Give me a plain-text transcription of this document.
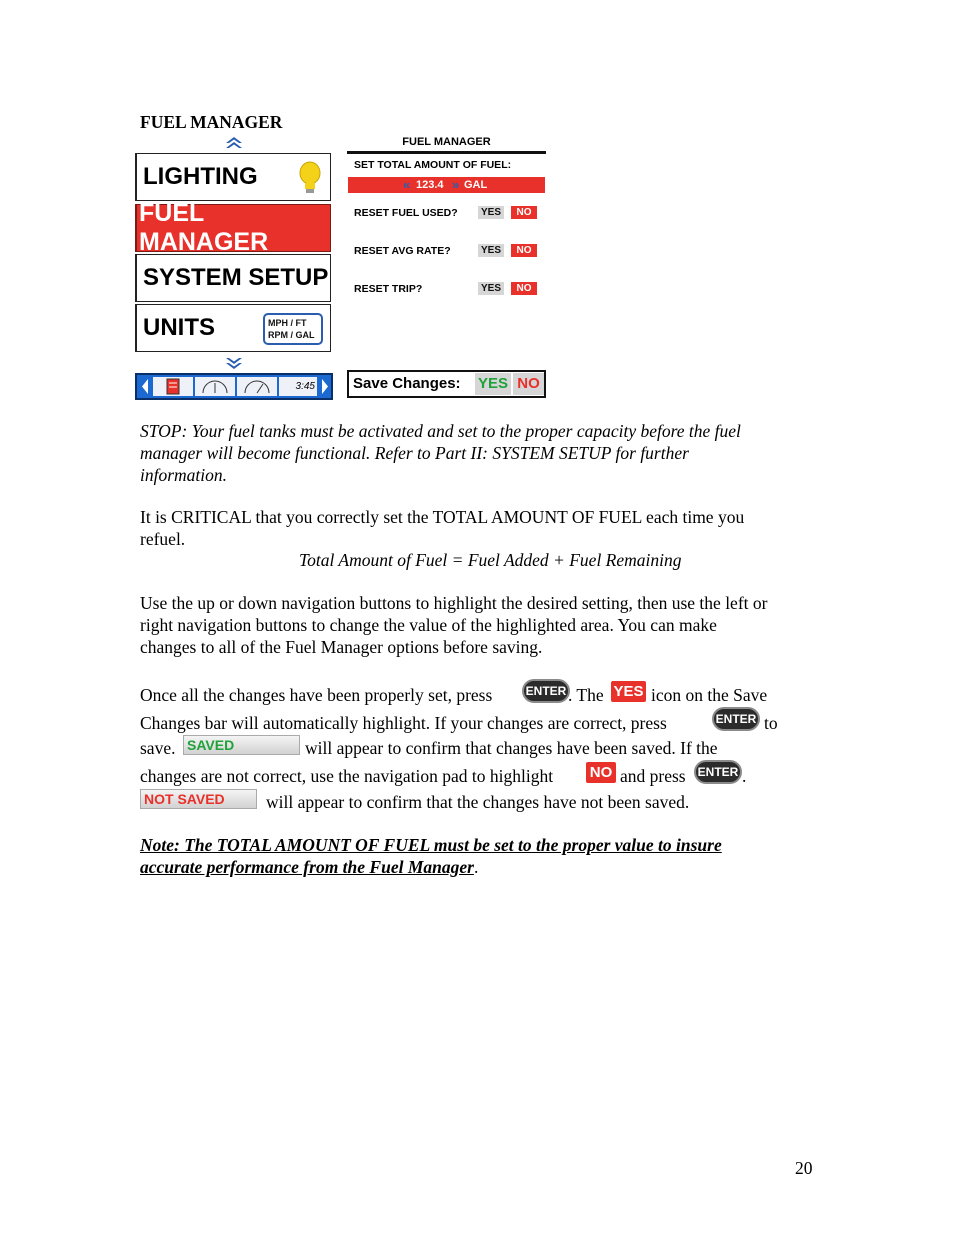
FUEL MANAGER
LIGHTING
FUEL MANAGER
SYSTEM SETUP
UNITS	MPH / FT
RPM / GAL
3:45
FUEL MANAGER
SET TOTAL AMOUNT OF FUEL:
« 123.4 » GAL
RESET FUEL USED? YES	NO
RESET AVG RATE?	YES	NO
RESET TRIP?	YES	NO
Save Changes: YES NO
STOP: Your fuel tanks must be activated and set to the proper capacity before the fuel
manager will become functional. Refer to Part II: SYSTEM SETUP for further
information.
It is CRITICAL that you correctly set the TOTAL AMOUNT OF FUEL each time you
refuel.
Total Amount of Fuel = Fuel Added + Fuel Remaining
Use the up or down navigation buttons to highlight the desired setting, then use the left or
right navigation buttons to change the value of the highlighted area. You can make
changes to all of the Fuel Manager options before saving.
Once all the changes have been properly set, press	ENTER . The YES icon on the Save
Changes bar will automatically highlight. If your changes are correct, press	ENTER to
save. SAVED	will appear to confirm that changes have been saved. If the
changes are not correct, use the navigation pad to highlight NO and press	ENTER .
NOT SAVED	will appear to confirm that the changes have not been saved.
Note: The TOTAL AMOUNT OF FUEL must be set to the proper value to insure
accurate performance from the Fuel Manager.
20
